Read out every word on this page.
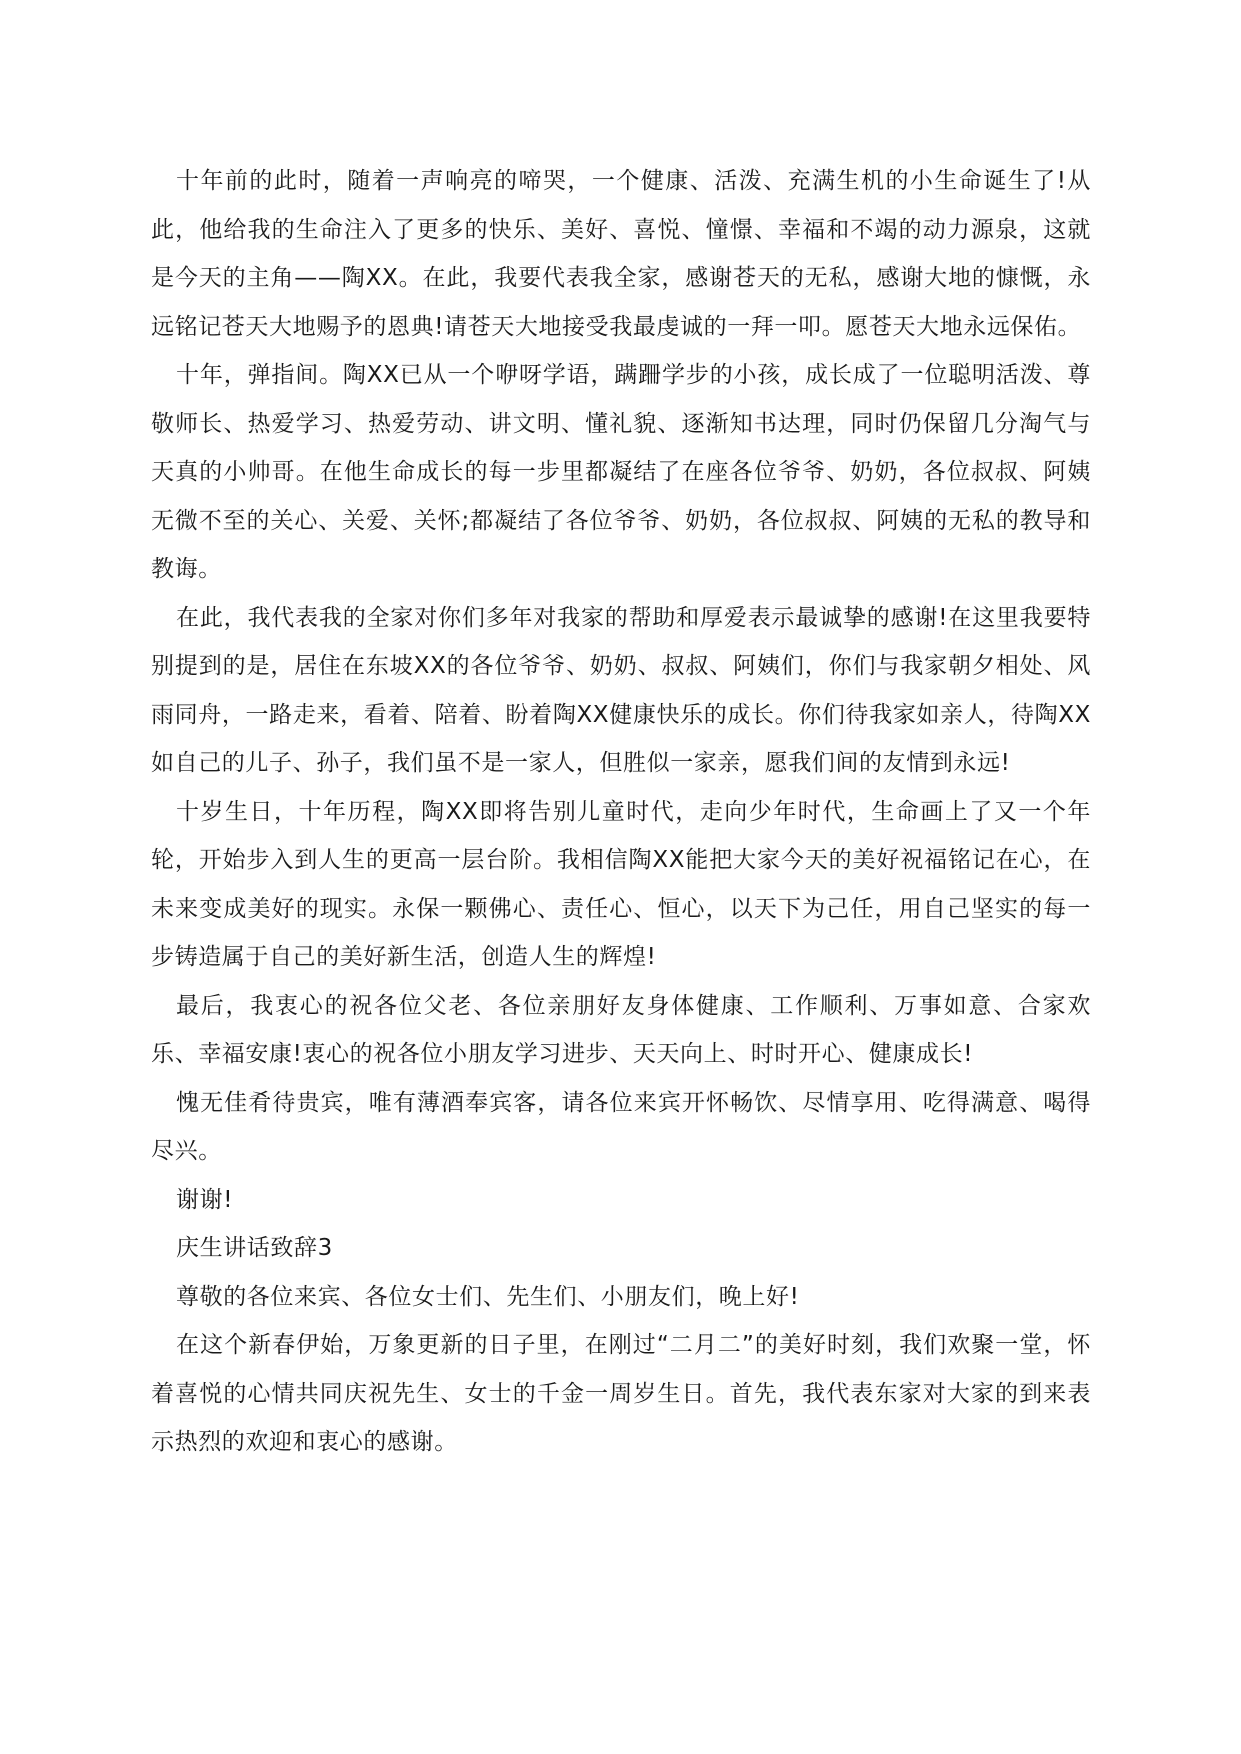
十年前的此时，随着一声响亮的啼哭，一个健康、活泼、充满生机的小生命诞生了!从此，他给我的生命注入了更多的快乐、美好、喜悦、憧憬、幸福和不竭的动力源泉，这就是今天的主角——陶XX。在此，我要代表我全家，感谢苍天的无私，感谢大地的慷慨，永远铭记苍天大地赐予的恩典!请苍天大地接受我最虔诚的一拜一叩。愿苍天大地永远保佑。

十年，弹指间。陶XX已从一个咿呀学语，蹒跚学步的小孩，成长成了一位聪明活泼、尊敬师长、热爱学习、热爱劳动、讲文明、懂礼貌、逐渐知书达理，同时仍保留几分淘气与天真的小帅哥。在他生命成长的每一步里都凝结了在座各位爷爷、奶奶，各位叔叔、阿姨无微不至的关心、关爱、关怀;都凝结了各位爷爷、奶奶，各位叔叔、阿姨的无私的教导和教诲。

在此，我代表我的全家对你们多年对我家的帮助和厚爱表示最诚挚的感谢!在这里我要特别提到的是，居住在东坡XX的各位爷爷、奶奶、叔叔、阿姨们，你们与我家朝夕相处、风雨同舟，一路走来，看着、陪着、盼着陶XX健康快乐的成长。你们待我家如亲人，待陶XX如自己的儿子、孙子，我们虽不是一家人，但胜似一家亲，愿我们间的友情到永远!

十岁生日，十年历程，陶XX即将告别儿童时代，走向少年时代，生命画上了又一个年轮，开始步入到人生的更高一层台阶。我相信陶XX能把大家今天的美好祝福铭记在心，在未来变成美好的现实。永保一颗佛心、责任心、恒心，以天下为己任，用自己坚实的每一步铸造属于自己的美好新生活，创造人生的辉煌!

最后，我衷心的祝各位父老、各位亲朋好友身体健康、工作顺利、万事如意、合家欢乐、幸福安康!衷心的祝各位小朋友学习进步、天天向上、时时开心、健康成长!

愧无佳肴待贵宾，唯有薄酒奉宾客，请各位来宾开怀畅饮、尽情享用、吃得满意、喝得尽兴。

谢谢!

庆生讲话致辞3

尊敬的各位来宾、各位女士们、先生们、小朋友们，晚上好!

在这个新春伊始，万象更新的日子里，在刚过“二月二”的美好时刻，我们欢聚一堂，怀着喜悦的心情共同庆祝先生、女士的千金一周岁生日。首先，我代表东家对大家的到来表示热烈的欢迎和衷心的感谢。
